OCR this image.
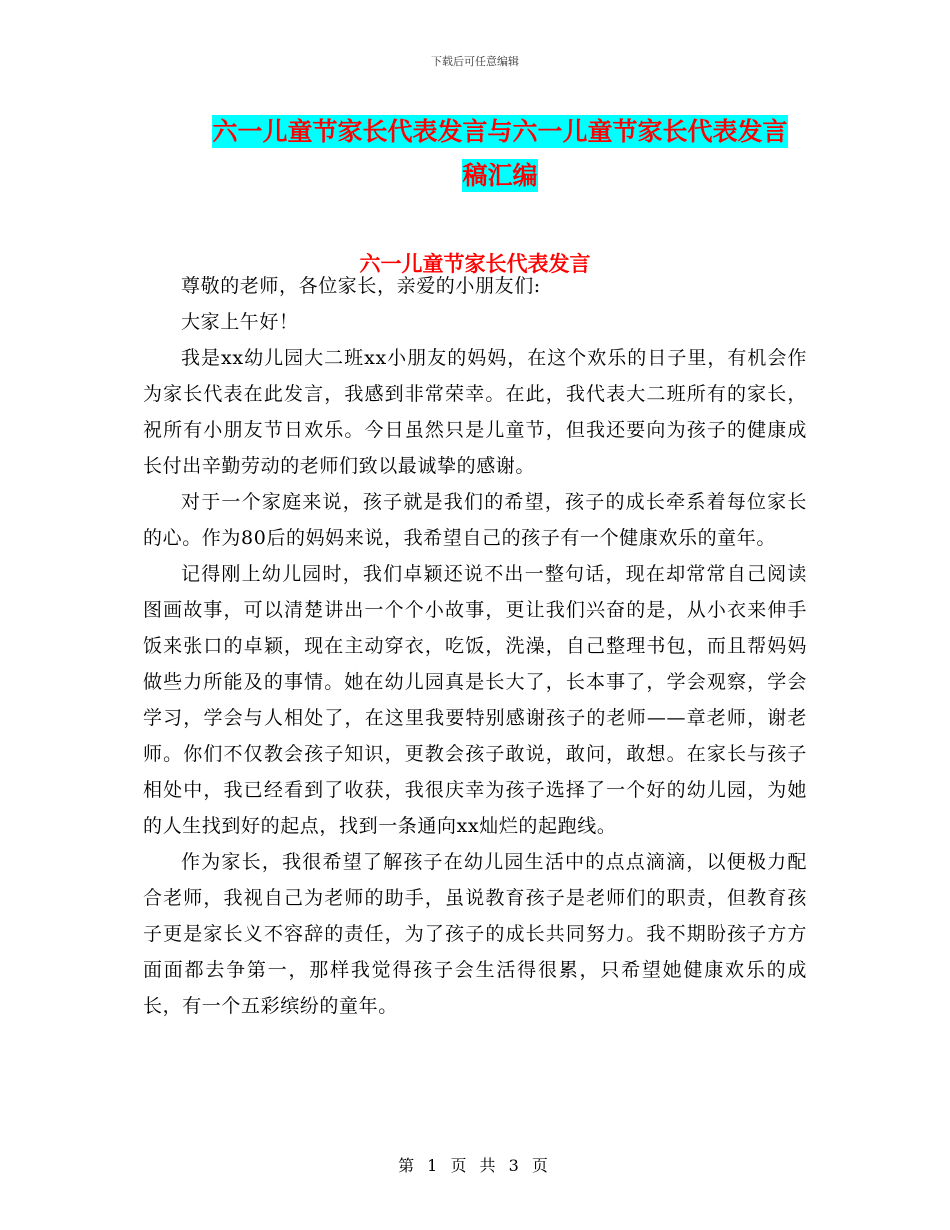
下载后可任意编辑
六一儿童节家长代表发言与六一儿童节家长代表发言
稿汇编
六一儿童节家长代表发言

尊敬的老师，各位家长，亲爱的小朋友们:

大家上午好！

我是xx幼儿园大二班xx小朋友的妈妈，在这个欢乐的日子里，有机会作为家长代表在此发言，我感到非常荣幸。在此，我代表大二班所有的家长，祝所有小朋友节日欢乐。今日虽然只是儿童节，但我还要向为孩子的健康成长付出辛勤劳动的老师们致以最诚挚的感谢。

对于一个家庭来说，孩子就是我们的希望，孩子的成长牵系着每位家长的心。作为80后的妈妈来说，我希望自己的孩子有一个健康欢乐的童年。

记得刚上幼儿园时，我们卓颖还说不出一整句话，现在却常常自己阅读图画故事，可以清楚讲出一个个小故事，更让我们兴奋的是，从小衣来伸手饭来张口的卓颖，现在主动穿衣，吃饭，洗澡，自己整理书包，而且帮妈妈做些力所能及的事情。她在幼儿园真是长大了，长本事了，学会观察，学会学习，学会与人相处了，在这里我要特别感谢孩子的老师——章老师，谢老师。你们不仅教会孩子知识，更教会孩子敢说，敢问，敢想。在家长与孩子相处中，我已经看到了收获，我很庆幸为孩子选择了一个好的幼儿园，为她的人生找到好的起点，找到一条通向xx灿烂的起跑线。

作为家长，我很希望了解孩子在幼儿园生活中的点点滴滴，以便极力配合老师，我视自己为老师的助手，虽说教育孩子是老师们的职责，但教育孩子更是家长义不容辞的责任，为了孩子的成长共同努力。我不期盼孩子方方面面都去争第一，那样我觉得孩子会生活得很累，只希望她健康欢乐的成长，有一个五彩缤纷的童年。

第 1 页 共 3 页
